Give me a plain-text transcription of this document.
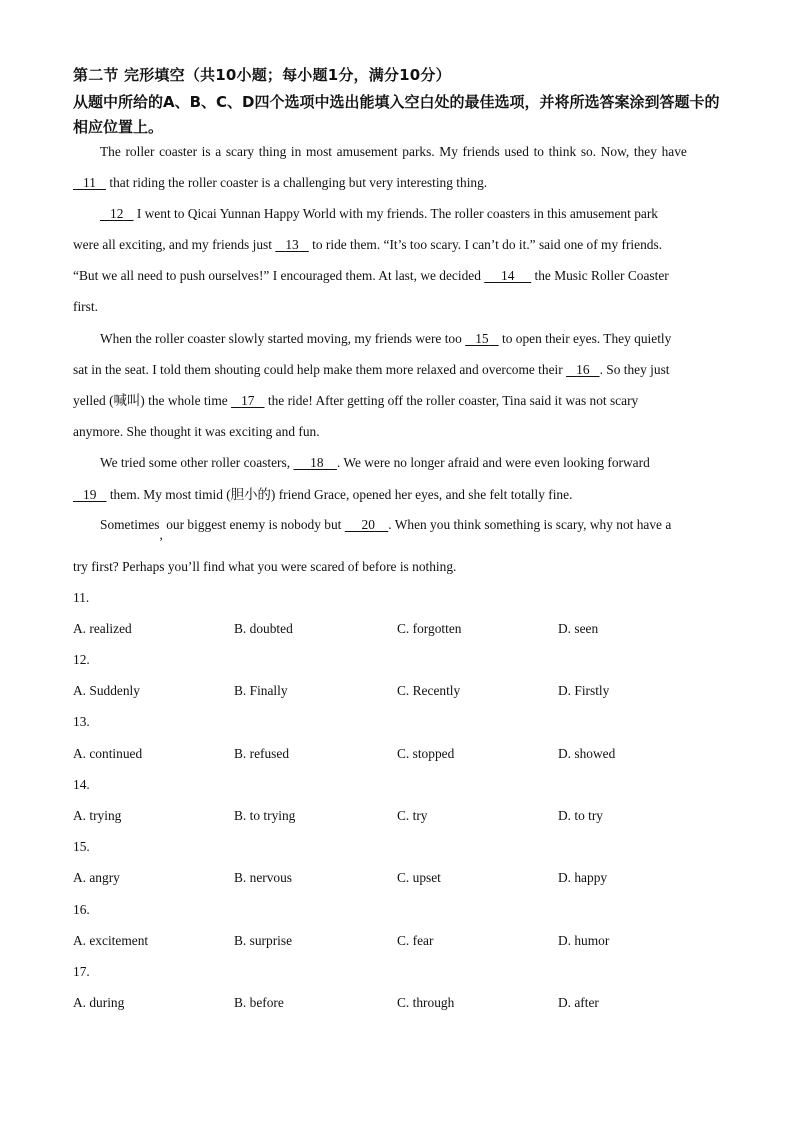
第二节 完形填空（共10小题；每小题1分，满分10分）
从题中所给的A、B、C、D四个选项中选出能填入空白处的最佳选项，并将所选答案涂到答题卡的相应位置上。
The roller coaster is a scary thing in most amusement parks. My friends used to think so. Now, they have
11    that riding the roller coaster is a challenging but very interesting thing.
12    I went to Qicai Yunnan Happy World with my friends. The roller coasters in this amusement park
were all exciting, and my friends just    13    to ride them. “It’s too scary. I can’t do it.” said one of my friends.
“But we all need to push ourselves!” I encouraged them. At last, we decided      14      the Music Roller Coaster
first.
When the roller coaster slowly started moving, my friends were too    15    to open their eyes. They quietly
sat in the seat. I told them shouting could help make them more relaxed and overcome their    16 . So they just
yelled (喊叫) the whole time    17    the ride! After getting off the roller coaster, Tina said it was not scary
anymore. She thought it was exciting and fun.
We tried some other roller coasters,      18 . We were no longer afraid and were even looking forward
19    them. My most timid (胆小的) friend Grace, opened her eyes, and she felt totally fine.
Sometimes, our biggest enemy is nobody but      20 . When you think something is scary, why not have a
try first? Perhaps you’ll find what you were scared of before is nothing.
11.
A. realized	B. doubted	C. forgotten	D. seen
12.
A. Suddenly	B. Finally	C. Recently	D. Firstly
13.
A. continued	B. refused	C. stopped	D. showed
14.
A. trying	B. to trying	C. try	D. to try
15.
A. angry	B. nervous	C. upset	D. happy
16.
A. excitement	B. surprise	C. fear	D. humor
17.
A. during	B. before	C. through	D. after
